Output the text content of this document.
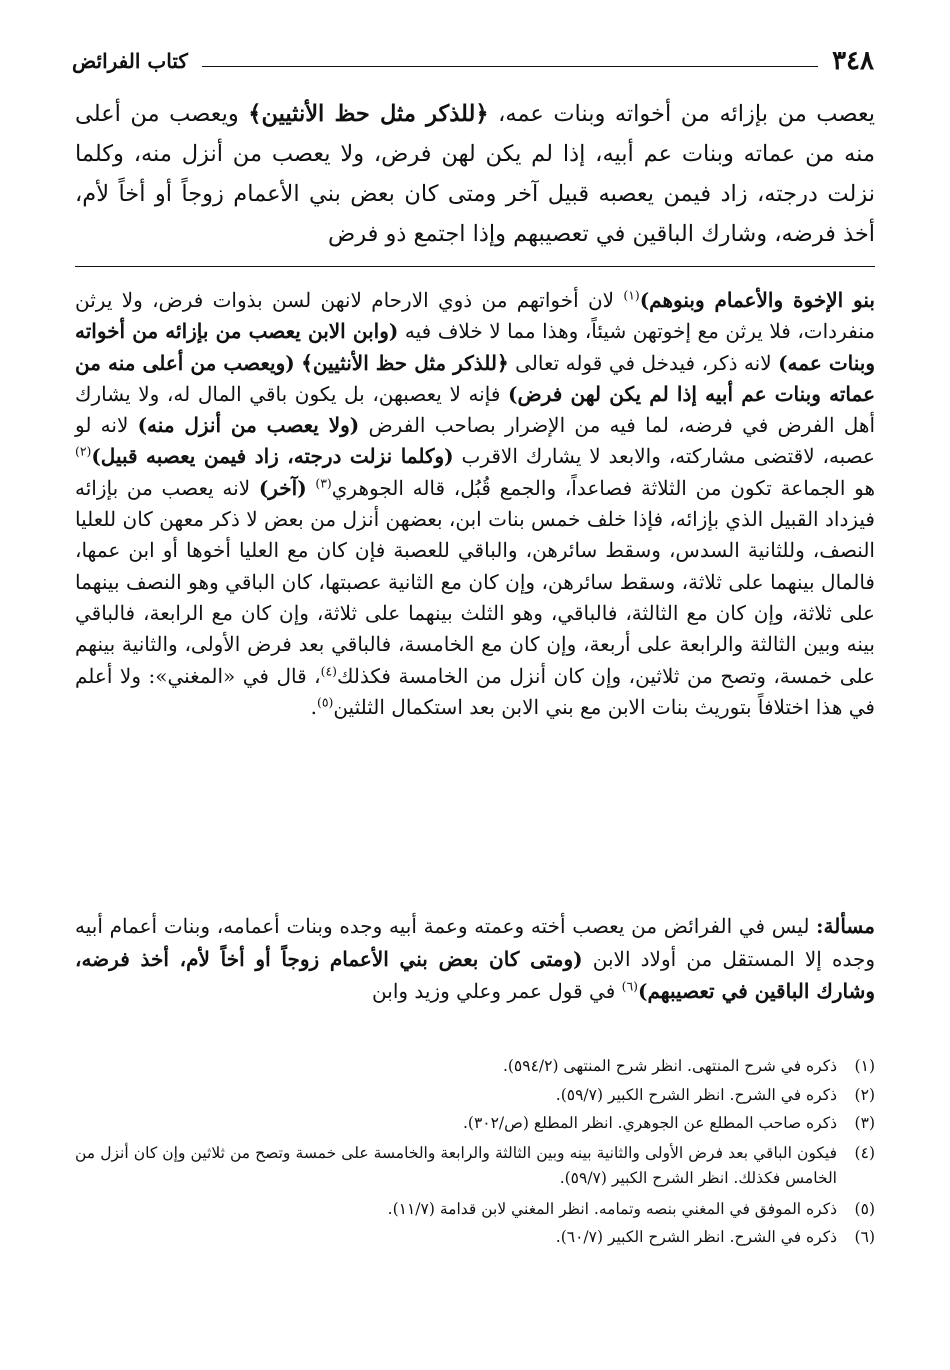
٣٤٨
كتاب الفرائض

يعصب من بإزائه من أخواته وبنات عمه، ﴿للذكر مثل حظ الأنثيين﴾ ويعصب من أعلى منه من عماته وبنات عم أبيه، إذا لم يكن لهن فرض، ولا يعصب من أنزل منه، وكلما نزلت درجته، زاد فيمن يعصبه قبيل آخر ومتى كان بعض بني الأعمام زوجاً أو أخاً لأم، أخذ فرضه، وشارك الباقين في تعصيبهم وإذا اجتمع ذو فرض

بنو الإخوة والأعمام وبنوهم)$^{(١)}$ لان أخواتهم من ذوي الارحام لانهن لسن بذوات فرض، ولا يرثن منفردات، فلا يرثن مع إخوتهن شيئاً، وهذا مما لا خلاف فيه (وابن الابن يعصب من بإزائه من أخواته وبنات عمه) لانه ذكر، فيدخل في قوله تعالى ﴿للذكر مثل حظ الأنثيين﴾ (ويعصب من أعلى منه من عماته وبنات عم أبيه إذا لم يكن لهن فرض) فإنه لا يعصبهن، بل يكون باقي المال له، ولا يشارك أهل الفرض في فرضه، لما فيه من الإضرار بصاحب الفرض (ولا يعصب من أنزل منه) لانه لو عصبه، لاقتضى مشاركته، والابعد لا يشارك الاقرب (وكلما نزلت درجته، زاد فيمن يعصبه قبيل)$^{(٢)}$ هو الجماعة تكون من الثلاثة فصاعداً، والجمع قُبُل، قاله الجوهري$^{(٣)}$ (آخر) لانه يعصب من بإزائه فيزداد القبيل الذي بإزائه، فإذا خلف خمس بنات ابن، بعضهن أنزل من بعض لا ذكر معهن كان للعليا النصف، وللثانية السدس، وسقط سائرهن، والباقي للعصبة فإن كان مع العليا أخوها أو ابن عمها، فالمال بينهما على ثلاثة، وسقط سائرهن، وإن كان مع الثانية عصبتها، كان الباقي وهو النصف بينهما على ثلاثة، وإن كان مع الثالثة، فالباقي، وهو الثلث بينهما على ثلاثة، وإن كان مع الرابعة، فالباقي بينه وبين الثالثة والرابعة على أربعة، وإن كان مع الخامسة، فالباقي بعد فرض الأولى، والثانية بينهم على خمسة، وتصح من ثلاثين، وإن كان أنزل من الخامسة فكذلك$^{(٤)}$، قال في «المغني»: ولا أعلم في هذا اختلافاً بتوريث بنات الابن مع بني الابن بعد استكمال الثلثين$^{(٥)}$.

مسألة: ليس في الفرائض من يعصب أخته وعمته وعمة أبيه وجده وبنات أعمامه، وبنات أعمام أبيه وجده إلا المستقل من أولاد الابن (ومتى كان بعض بني الأعمام زوجاً أو أخاً لأم، أخذ فرضه، وشارك الباقين في تعصيبهم)$^{(٦)}$ في قول عمر وعلي وزيد وابن

(١)
ذكره في شرح المنتهى. انظر شرح المنتهى (٥٩٤/٢).
(٢)
ذكره في الشرح. انظر الشرح الكبير (٥٩/٧).
(٣)
ذكره صاحب المطلع عن الجوهري. انظر المطلع (ص/٣٠٢).
(٤)
فيكون الباقي بعد فرض الأولى والثانية بينه وبين الثالثة والرابعة والخامسة على خمسة وتصح من ثلاثين وإن كان أنزل من الخامس فكذلك. انظر الشرح الكبير (٥٩/٧).
(٥)
ذكره الموفق في المغني بنصه وتمامه. انظر المغني لابن قدامة (١١/٧).
(٦)
ذكره في الشرح. انظر الشرح الكبير (٦٠/٧).
